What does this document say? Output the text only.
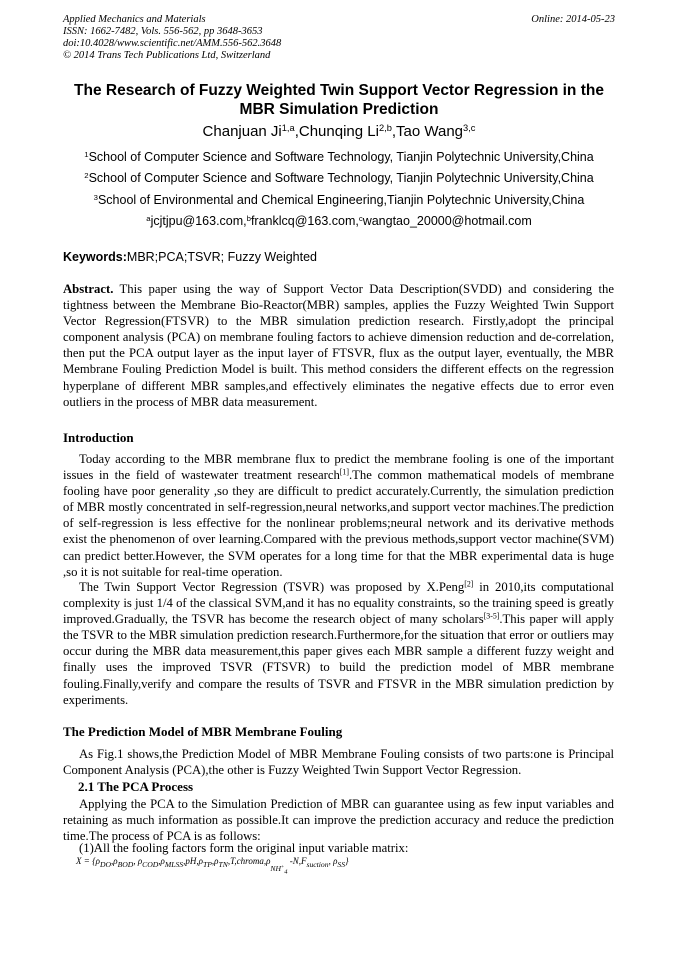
Applied Mechanics and Materials
ISSN: 1662-7482, Vols. 556-562, pp 3648-3653
doi:10.4028/www.scientific.net/AMM.556-562.3648
© 2014 Trans Tech Publications Ltd, Switzerland
Online: 2014-05-23
The Research of Fuzzy Weighted Twin Support Vector Regression in the MBR Simulation Prediction
Chanjuan Ji$^{1,a}$,Chunqing Li$^{2,b}$,Tao Wang$^{3,c}$
$^1$School of Computer Science and Software Technology, Tianjin Polytechnic University,China
$^2$School of Computer Science and Software Technology, Tianjin Polytechnic University,China
$^3$School of Environmental and Chemical Engineering,Tianjin Polytechnic University,China
$^a$jcjtjpu@163.com,$^b$franklcq@163.com,$^c$wangtao_20000@hotmail.com
Keywords:MBR;PCA;TSVR; Fuzzy Weighted
Abstract. This paper using the way of Support Vector Data Description(SVDD) and considering the tightness between the Membrane Bio-Reactor(MBR) samples, applies the Fuzzy Weighted Twin Support Vector Regression(FTSVR) to the MBR simulation prediction research. Firstly,adopt the principal component analysis (PCA) on membrane fouling factors to achieve dimension reduction and de-correlation, then put the PCA output layer as the input layer of FTSVR, flux as the output layer, eventually, the MBR Membrane Fouling Prediction Model is built. This method considers the different effects on the regression hyperplane of different MBR samples,and effectively eliminates the negative effects due to error even outliers in the process of MBR data measurement.
Introduction
Today according to the MBR membrane flux to predict the membrane fooling is one of the important issues in the field of wastewater treatment research[1].The common mathematical models of membrane fooling have poor generality ,so they are difficult to predict accurately.Currently, the simulation prediction of MBR mostly concentrated in self-regression,neural networks,and support vector machines.The prediction of self-regression is less effective for the nonlinear problems;neural network and its derivative methods exist the phenomenon of over learning.Compared with the previous methods,support vector machine(SVM) can predict better.However, the SVM operates for a long time for that the MBR experimental data is huge ,so it is not suitable for real-time operation.
The Twin Support Vector Regression (TSVR) was proposed by X.Peng[2] in 2010,its computational complexity is just 1/4 of the classical SVM,and it has no equality constraints, so the training speed is greatly improved.Gradually, the TSVR has become the research object of many scholars[3-5].This paper will apply the TSVR to the MBR simulation prediction research.Furthermore,for the situation that error or outliers may occur during the MBR data measurement,this paper gives each MBR sample a different fuzzy weight and finally uses the improved TSVR (FTSVR) to build the prediction model of MBR membrane fouling.Finally,verify and compare the results of TSVR and FTSVR in the MBR simulation prediction by experiments.
The Prediction Model of MBR Membrane Fouling
As Fig.1 shows,the Prediction Model of MBR Membrane Fouling consists of two parts:one is Principal Component Analysis (PCA),the other is Fuzzy Weighted Twin Support Vector Regression.
2.1 The PCA Process
Applying the PCA to the Simulation Prediction of MBR can guarantee using as few input variables and retaining as much information as possible.It can improve the prediction accuracy and reduce the prediction time.The process of PCA is as follows:
(1)All the fooling factors form the original input variable matrix:
$X = \{\rho_{DO},\rho_{BOD}$, $\rho_{COD},\rho_{MLSS},pH,\rho_{TP},\rho_{TN},T,chroma,\rho_{NH^+_4}$ $-N,F_{suction}$, $\rho_{SS}$}
